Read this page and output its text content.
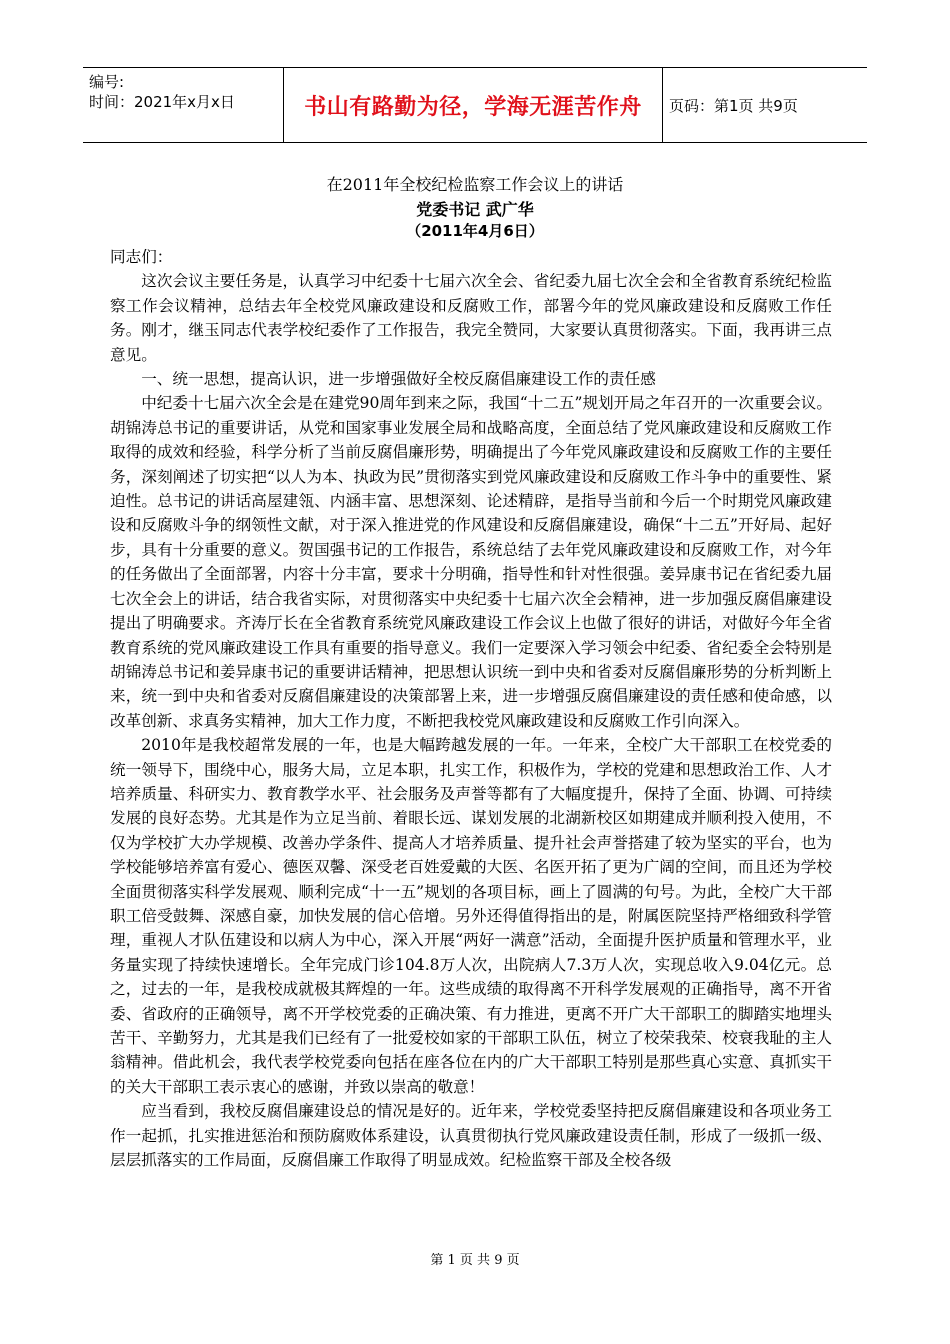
编号:
时间：2021年x月x日	书山有路勤为径，学海无涯苦作舟 页码：第1页 共9页
在2011年全校纪检监察工作会议上的讲话
党委书记 武广华
（2011年4月6日）

同志们：

这次会议主要任务是，认真学习中纪委十七届六次全会、省纪委九届七次全会和全省教育系统纪检监察工作会议精神，总结去年全校党风廉政建设和反腐败工作，部署今年的党风廉政建设和反腐败工作任务。刚才，继玉同志代表学校纪委作了工作报告，我完全赞同，大家要认真贯彻落实。下面，我再讲三点意见。

一、统一思想，提高认识，进一步增强做好全校反腐倡廉建设工作的责任感

中纪委十七届六次全会是在建党90周年到来之际，我国“十二五”规划开局之年召开的一次重要会议。胡锦涛总书记的重要讲话，从党和国家事业发展全局和战略高度，全面总结了党风廉政建设和反腐败工作取得的成效和经验，科学分析了当前反腐倡廉形势，明确提出了今年党风廉政建设和反腐败工作的主要任务，深刻阐述了切实把“以人为本、执政为民”贯彻落实到党风廉政建设和反腐败工作斗争中的重要性、紧迫性。总书记的讲话高屋建瓴、内涵丰富、思想深刻、论述精辟，是指导当前和今后一个时期党风廉政建设和反腐败斗争的纲领性文献，对于深入推进党的作风建设和反腐倡廉建设，确保“十二五”开好局、起好步，具有十分重要的意义。贺国强书记的工作报告，系统总结了去年党风廉政建设和反腐败工作，对今年的任务做出了全面部署，内容十分丰富，要求十分明确，指导性和针对性很强。姜异康书记在省纪委九届七次全会上的讲话，结合我省实际，对贯彻落实中央纪委十七届六次全会精神，进一步加强反腐倡廉建设提出了明确要求。齐涛厅长在全省教育系统党风廉政建设工作会议上也做了很好的讲话，对做好今年全省教育系统的党风廉政建设工作具有重要的指导意义。我们一定要深入学习领会中纪委、省纪委全会特别是胡锦涛总书记和姜异康书记的重要讲话精神，把思想认识统一到中央和省委对反腐倡廉形势的分析判断上来，统一到中央和省委对反腐倡廉建设的决策部署上来，进一步增强反腐倡廉建设的责任感和使命感，以改革创新、求真务实精神，加大工作力度，不断把我校党风廉政建设和反腐败工作引向深入。

2010年是我校超常发展的一年，也是大幅跨越发展的一年。一年来，全校广大干部职工在校党委的统一领导下，围绕中心，服务大局，立足本职，扎实工作，积极作为，学校的党建和思想政治工作、人才培养质量、科研实力、教育教学水平、社会服务及声誉等都有了大幅度提升，保持了全面、协调、可持续发展的良好态势。尤其是作为立足当前、着眼长远、谋划发展的北湖新校区如期建成并顺利投入使用，不仅为学校扩大办学规模、改善办学条件、提高人才培养质量、提升社会声誉搭建了较为坚实的平台，也为学校能够培养富有爱心、德医双馨、深受老百姓爱戴的大医、名医开拓了更为广阔的空间，而且还为学校全面贯彻落实科学发展观、顺利完成“十一五”规划的各项目标，画上了圆满的句号。为此，全校广大干部职工倍受鼓舞、深感自豪，加快发展的信心倍增。另外还得值得指出的是，附属医院坚持严格细致科学管理，重视人才队伍建设和以病人为中心，深入开展“两好一满意”活动，全面提升医护质量和管理水平，业务量实现了持续快速增长。全年完成门诊104.8万人次，出院病人7.3万人次，实现总收入9.04亿元。总之，过去的一年，是我校成就极其辉煌的一年。这些成绩的取得离不开科学发展观的正确指导，离不开省委、省政府的正确领导，离不开学校党委的正确决策、有力推进，更离不开广大干部职工的脚踏实地埋头苦干、辛勤努力，尤其是我们已经有了一批爱校如家的干部职工队伍，树立了校荣我荣、校衰我耻的主人翁精神。借此机会，我代表学校党委向包括在座各位在内的广大干部职工特别是那些真心实意、真抓实干的关大干部职工表示衷心的感谢，并致以崇高的敬意！

应当看到，我校反腐倡廉建设总的情况是好的。近年来，学校党委坚持把反腐倡廉建设和各项业务工作一起抓，扎实推进惩治和预防腐败体系建设，认真贯彻执行党风廉政建设责任制，形成了一级抓一级、层层抓落实的工作局面，反腐倡廉工作取得了明显成效。纪检监察干部及全校各级

第 1 页 共 9 页
